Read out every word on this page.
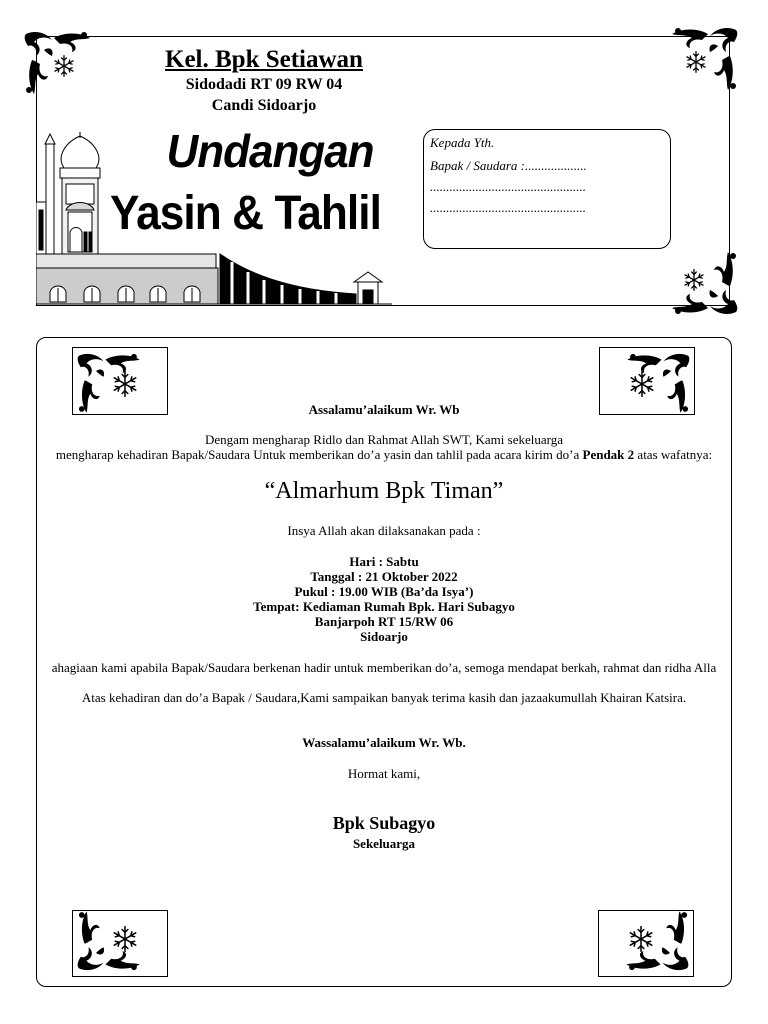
Kel. Bpk Setiawan
Sidodadi RT 09 RW 04
Candi Sidoarjo
Undangan
Yasin & Tahlil
Kepada Yth.
Bapak / Saudara :...................
................................................
................................................
Assalamu’alaikum Wr. Wb
Dengam mengharap Ridlo dan Rahmat Allah SWT, Kami sekeluarga
mengharap kehadiran Bapak/Saudara Untuk memberikan do’a yasin dan tahlil pada acara kirim do’a Pendak 2 atas wafatnya:
“Almarhum Bpk Timan”
Insya Allah akan dilaksanakan pada :
Hari : Sabtu
Tanggal : 21 Oktober 2022
Pukul : 19.00 WIB (Ba’da Isya’)
Tempat: Kediaman Rumah Bpk. Hari Subagyo
Banjarpoh RT 15/RW 06
Sidoarjo
ahagiaan kami apabila Bapak/Saudara berkenan hadir untuk memberikan do’a, semoga mendapat berkah, rahmat dan ridha Alla
Atas kehadiran dan do’a Bapak / Saudara,Kami sampaikan banyak terima kasih dan jazaakumullah Khairan Katsira.
Wassalamu’alaikum Wr. Wb.
Hormat kami,
Bpk Subagyo
Sekeluarga
